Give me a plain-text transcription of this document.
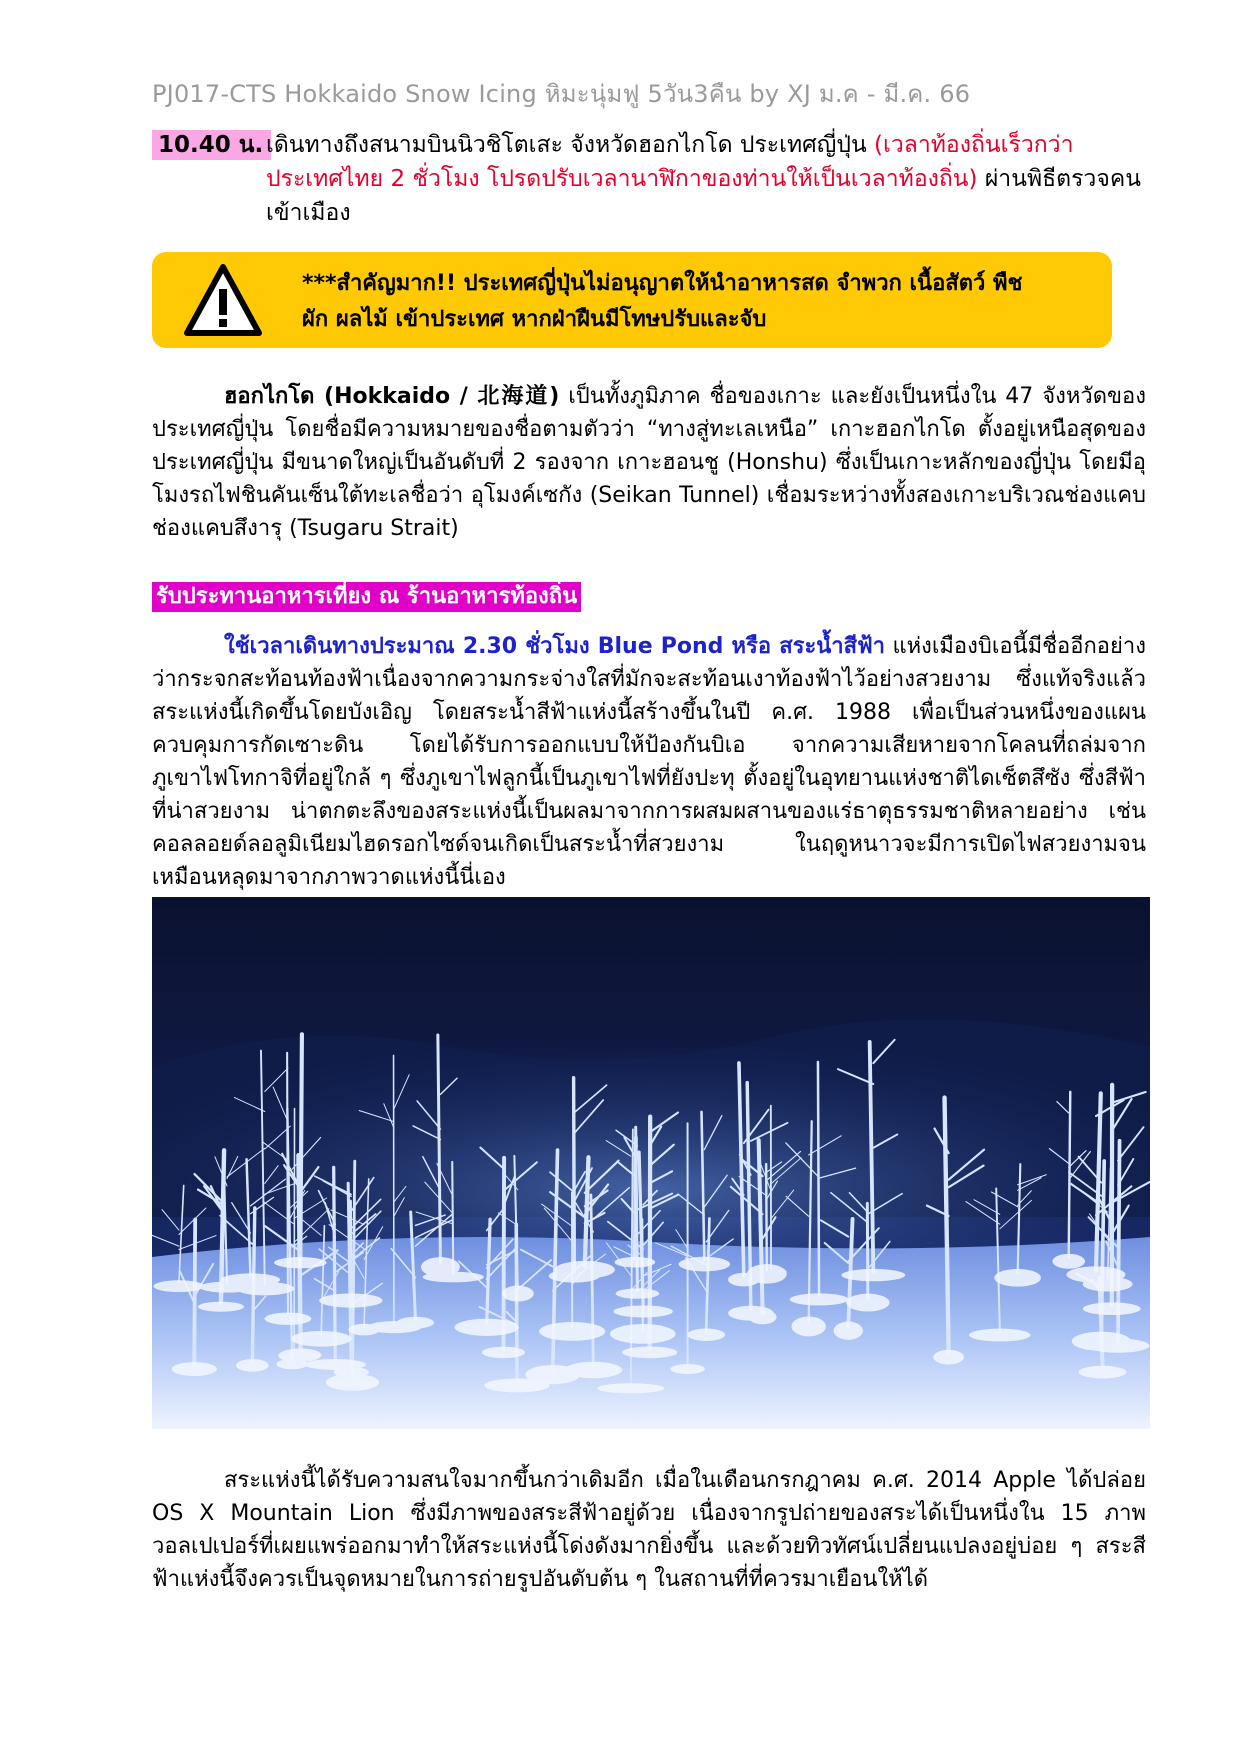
PJ017-CTS Hokkaido Snow Icing หิมะนุ่มฟู 5วัน3คืน by XJ ม.ค - มี.ค. 66
10.40 น. เดินทางถึงสนามบินนิวชิโตเสะ จังหวัดฮอกไกโด ประเทศญี่ปุ่น (เวลาท้องถิ่นเร็วกว่าประเทศไทย 2 ชั่วโมง โปรดปรับเวลานาฬิกาของท่านให้เป็นเวลาท้องถิ่น) ผ่านพิธีตรวจคนเข้าเมือง
***สำคัญมาก!! ประเทศญี่ปุ่นไม่อนุญาตให้นำอาหารสด จำพวก เนื้อสัตว์ พืช
ผัก ผลไม้ เข้าประเทศ หากฝ่าฝืนมีโทษปรับและจับ
ฮอกไกโด (Hokkaido / 北海道) เป็นทั้งภูมิภาค ชื่อของเกาะ และยังเป็นหนึ่งใน 47 จังหวัดของประเทศญี่ปุ่น โดยชื่อมีความหมายของชื่อตามตัวว่า “ทางสู่ทะเลเหนือ” เกาะฮอกไกโด ตั้งอยู่เหนือสุดของประเทศญี่ปุ่น มีขนาดใหญ่เป็นอันดับที่ 2 รองจาก เกาะฮอนชู (Honshu) ซึ่งเป็นเกาะหลักของญี่ปุ่น โดยมีอุโมงรถไฟชินคันเซ็นใต้ทะเลชื่อว่า อุโมงค์เซกัง (Seikan Tunnel) เชื่อมระหว่างทั้งสองเกาะบริเวณช่องแคบช่องแคบสึงารุ (Tsugaru Strait)
รับประทานอาหารเที่ยง ณ ร้านอาหารท้องถิ่น
ใช้เวลาเดินทางประมาณ 2.30 ชั่วโมง Blue Pond หรือ สระน้ำสีฟ้า แห่งเมืองบิเอนี้มีชื่ออีกอย่างว่ากระจกสะท้อนท้องฟ้าเนื่องจากความกระจ่างใสที่มักจะสะท้อนเงาท้องฟ้าไว้อย่างสวยงาม ซึ่งแท้จริงแล้วสระแห่งนี้เกิดขึ้นโดยบังเอิญ โดยสระน้ำสีฟ้าแห่งนี้สร้างขึ้นในปี ค.ศ. 1988 เพื่อเป็นส่วนหนึ่งของแผนควบคุมการกัดเซาะดิน โดยได้รับการออกแบบให้ป้องกันบิเอ จากความเสียหายจากโคลนที่ถล่มจาก ภูเขาไฟโทกาจิที่อยู่ใกล้ ๆ ซึ่งภูเขาไฟลูกนี้เป็นภูเขาไฟที่ยังปะทุ ตั้งอยู่ในอุทยานแห่งชาติไดเซ็ตสึซัง ซึ่งสีฟ้าที่น่าสวยงาม น่าตกตะลึงของสระแห่งนี้เป็นผลมาจากการผสมผสานของแร่ธาตุธรรมชาติหลายอย่าง เช่น คอลลอยด์ลอลูมิเนียมไฮดรอกไซด์จนเกิดเป็นสระน้ำที่สวยงาม ในฤดูหนาวจะมีการเปิดไฟสวยงามจนเหมือนหลุดมาจากภาพวาดแห่งนี้นี่เอง
สระแห่งนี้ได้รับความสนใจมากขึ้นกว่าเดิมอีก เมื่อในเดือนกรกฎาคม ค.ศ. 2014 Apple ได้ปล่อย OS X Mountain Lion ซึ่งมีภาพของสระสีฟ้าอยู่ด้วย เนื่องจากรูปถ่ายของสระได้เป็นหนึ่งใน 15 ภาพวอลเปเปอร์ที่เผยแพร่ออกมาทำให้สระแห่งนี้โด่งดังมากยิ่งขึ้น และด้วยทิวทัศน์เปลี่ยนแปลงอยู่บ่อย ๆ สระสีฟ้าแห่งนี้จึงควรเป็นจุดหมายในการถ่ายรูปอันดับต้น ๆ ในสถานที่ที่ควรมาเยือนให้ได้
